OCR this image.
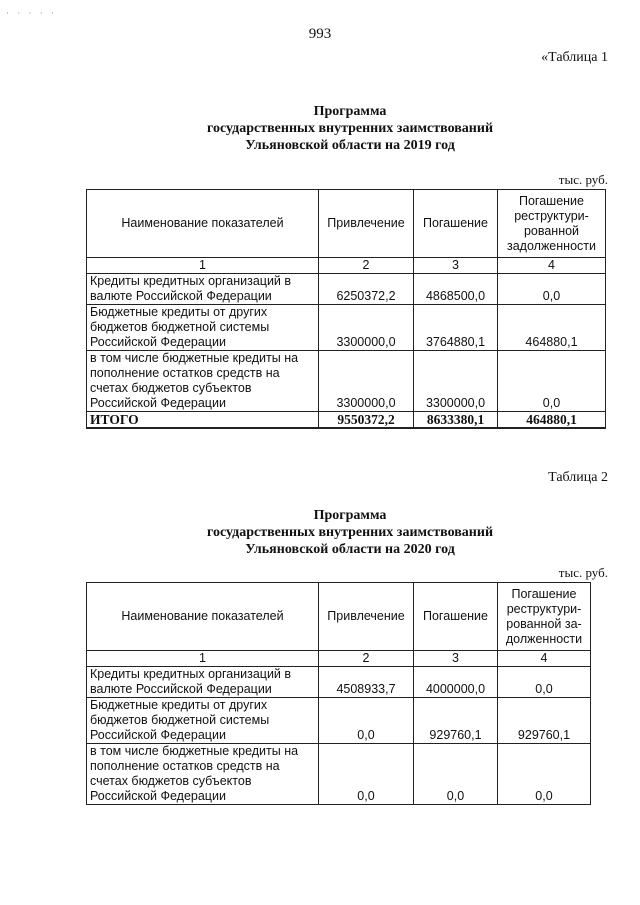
· · · · ·
993
«Таблица 1
Программа
государственных внутренних заимствований
Ульяновской области на 2019 год
тыс. руб.
Наименование показателей	Привлечение	Погашение	Погашение реструктури-рованной задолженности
1	2	3	4
Кредиты кредитных организаций в валюте Российской Федерации	6250372,2	4868500,0	0,0
Бюджетные кредиты от других бюджетов бюджетной системы Российской Федерации	3300000,0	3764880,1	464880,1
в том числе бюджетные кредиты на пополнение остатков средств на счетах бюджетов субъектов Российской Федерации	3300000,0	3300000,0	0,0
ИТОГО	9550372,2	8633380,1	464880,1
Таблица 2
Программа
государственных внутренних заимствований
Ульяновской области на 2020 год
тыс. руб.
Наименование показателей	Привлечение	Погашение	Погашение реструктури-рованной за-долженности
1	2	3	4
Кредиты кредитных организаций в валюте Российской Федерации	4508933,7	4000000,0	0,0
Бюджетные кредиты от других бюджетов бюджетной системы Российской Федерации	0,0	929760,1	929760,1
в том числе бюджетные кредиты на пополнение остатков средств на счетах бюджетов субъектов Российской Федерации	0,0	0,0	0,0
